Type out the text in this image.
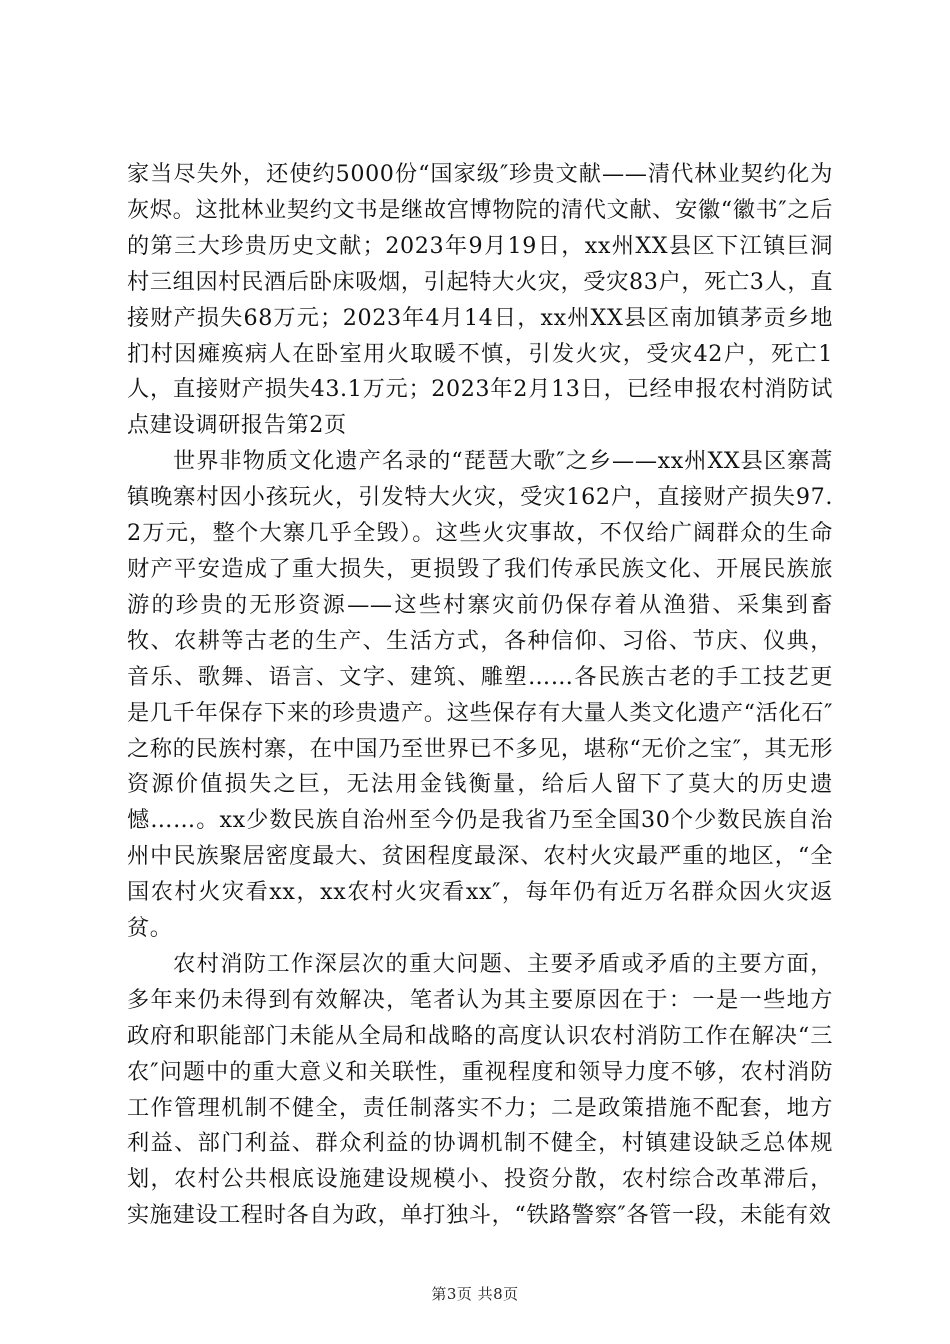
家当尽失外，还使约5000份“国家级″珍贵文献——清代林业契约化为灰烬。这批林业契约文书是继故宫博物院的清代文献、安徽“徽书″之后的第三大珍贵历史文献；2023年9月19日，xx州XX县区下江镇巨洞村三组因村民酒后卧床吸烟，引起特大火灾，受灾83户，死亡3人，直接财产损失68万元；2023年4月14日，xx州XX县区南加镇茅贡乡地扪村因瘫痪病人在卧室用火取暖不慎，引发火灾，受灾42户，死亡1人，直接财产损失43.1万元；2023年2月13日，已经申报农村消防试点建设调研报告第2页

世界非物质文化遗产名录的“琵琶大歌″之乡——xx州XX县区寨蒿镇晚寨村因小孩玩火，引发特大火灾，受灾162户，直接财产损失97.2万元，整个大寨几乎全毁）。这些火灾事故，不仅给广阔群众的生命财产平安造成了重大损失，更损毁了我们传承民族文化、开展民族旅游的珍贵的无形资源——这些村寨灾前仍保存着从渔猎、采集到畜牧、农耕等古老的生产、生活方式，各种信仰、习俗、节庆、仪典，音乐、歌舞、语言、文字、建筑、雕塑……各民族古老的手工技艺更是几千年保存下来的珍贵遗产。这些保存有大量人类文化遗产“活化石″之称的民族村寨，在中国乃至世界已不多见，堪称“无价之宝″，其无形资源价值损失之巨，无法用金钱衡量，给后人留下了莫大的历史遗憾……。xx少数民族自治州至今仍是我省乃至全国30个少数民族自治州中民族聚居密度最大、贫困程度最深、农村火灾最严重的地区，“全国农村火灾看xx，xx农村火灾看xx″，每年仍有近万名群众因火灾返贫。

农村消防工作深层次的重大问题、主要矛盾或矛盾的主要方面，多年来仍未得到有效解决，笔者认为其主要原因在于：一是一些地方政府和职能部门未能从全局和战略的高度认识农村消防工作在解决“三农″问题中的重大意义和关联性，重视程度和领导力度不够，农村消防工作管理机制不健全，责任制落实不力；二是政策措施不配套，地方利益、部门利益、群众利益的协调机制不健全，村镇建设缺乏总体规划，农村公共根底设施建设规模小、投资分散，农村综合改革滞后，实施建设工程时各自为政，单打独斗，“铁路警察″各管一段，未能有效

第3页 共8页
